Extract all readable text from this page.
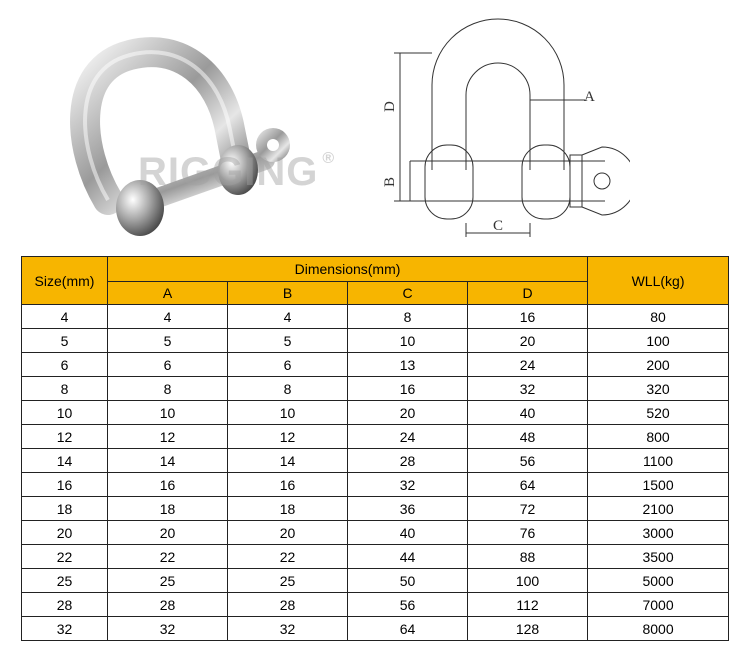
RIGGING ®
D
B
A
C
Size(mm)	Dimensions(mm)				WLL(kg)
	A	B	C	D	
4	4	4	8	16	80
5	5	5	10	20	100
6	6	6	13	24	200
8	8	8	16	32	320
10	10	10	20	40	520
12	12	12	24	48	800
14	14	14	28	56	1100
16	16	16	32	64	1500
18	18	18	36	72	2100
20	20	20	40	76	3000
22	22	22	44	88	3500
25	25	25	50	100	5000
28	28	28	56	112	7000
32	32	32	64	128	8000
